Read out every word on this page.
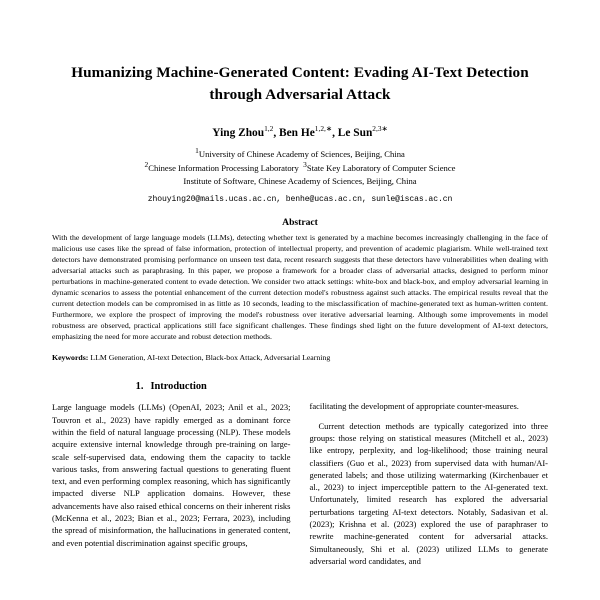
Humanizing Machine-Generated Content: Evading AI-Text Detection through Adversarial Attack
Ying Zhou$^{1,2}$, Ben $He^{1,2,∗}$, Le Sun$^{2,3∗}$
$^1$University of Chinese Academy of Sciences, Beijing, China
$^2$Chinese Information Processing Laboratory $^3$State Key Laboratory of Computer Science
Institute of Software, Chinese Academy of Sciences, Beijing, China
zhouying20@mails.ucas.ac.cn, benhe@ucas.ac.cn, sunle@iscas.ac.cn
Abstract

With the development of large language models (LLMs), detecting whether text is generated by a machine becomes increasingly challenging in the face of malicious use cases like the spread of false information, protection of intellectual property, and prevention of academic plagiarism. While well-trained text detectors have demonstrated promising performance on unseen test data, recent research suggests that these detectors have vulnerabilities when dealing with adversarial attacks such as paraphrasing. In this paper, we propose a framework for a broader class of adversarial attacks, designed to perform minor perturbations in machine-generated content to evade detection. We consider two attack settings: white-box and black-box, and employ adversarial learning in dynamic scenarios to assess the potential enhancement of the current detection model's robustness against such attacks. The empirical results reveal that the current detection models can be compromised in as little as 10 seconds, leading to the misclassification of machine-generated text as human-written content. Furthermore, we explore the prospect of improving the model's robustness over iterative adversarial learning. Although some improvements in model robustness are observed, practical applications still face significant challenges. These findings shed light on the future development of AI-text detectors, emphasizing the need for more accurate and robust detection methods.

Keywords: LLM Generation, AI-text Detection, Black-box Attack, Adversarial Learning

1. Introduction

Large language models (LLMs) (OpenAI, 2023; Anil et al., 2023; Touvron et al., 2023) have rapidly emerged as a dominant force within the field of natural language processing (NLP). These models acquire extensive internal knowledge through pre-training on large-scale self-supervised data, endowing them the capacity to tackle various tasks, from answering factual questions to generating fluent text, and even performing complex reasoning, which has significantly impacted diverse NLP application domains. However, these advancements have also raised ethical concerns on their inherent risks (McKenna et al., 2023; Bian et al., 2023; Ferrara, 2023), including the spread of misinformation, the hallucinations in generated content, and even potential discrimination against specific groups,

facilitating the development of appropriate counter-measures.

Current detection methods are typically categorized into three groups: those relying on statistical measures (Mitchell et al., 2023) like entropy, perplexity, and log-likelihood; those training neural classifiers (Guo et al., 2023) from supervised data with human/AI-generated labels; and those utilizing watermarking (Kirchenbauer et al., 2023) to inject imperceptible pattern to the AI-generated text. Unfortunately, limited research has explored the adversarial perturbations targeting AI-text detectors. Notably, Sadasivan et al. (2023); Krishna et al. (2023) explored the use of paraphraser to rewrite machine-generated content for adversarial attacks. Simultaneously, Shi et al. (2023) utilized LLMs to generate adversarial word candidates, and
